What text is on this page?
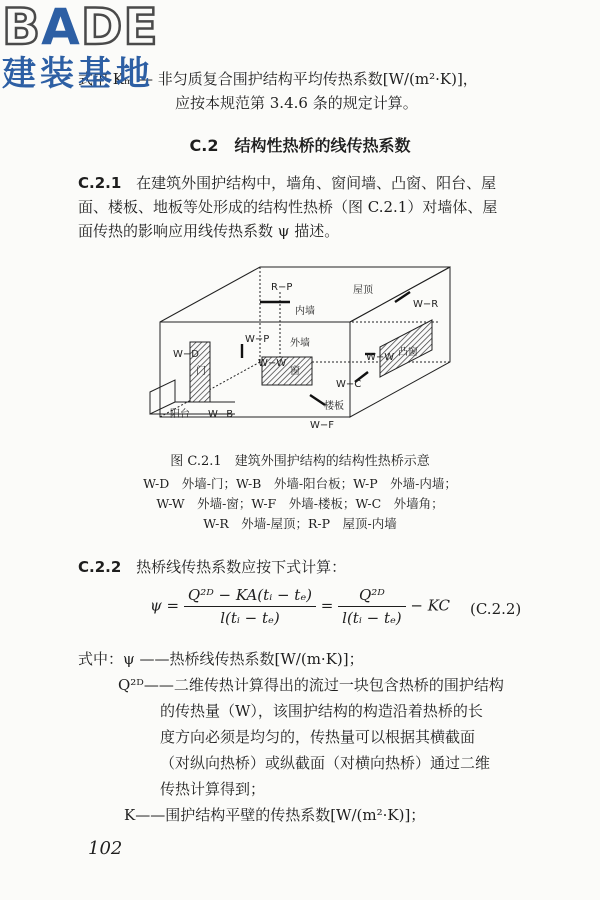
BADE
建装基地
式中 Kₘ — 非匀质复合围护结构平均传热系数[W/(m²·K)]，
应按本规范第 3.4.6 条的规定计算。
C.2　结构性热桥的线传热系数
C.2.1 在建筑外围护结构中，墙角、窗间墙、凸窗、阳台、屋
面、楼板、地板等处形成的结构性热桥（图 C.2.1）对墙体、屋
面传热的影响应用线传热系数 ψ 描述。
R−P	屋顶
W−R
内墙
W−P 外墙
W−D
门
W−W
窗
W−W 凸窗
W−C
楼板
阳台 W−B
W−F
图 C.2.1　建筑外围护结构的结构性热桥示意
W-D　外墙-门；W-B　外墙-阳台板；W-P　外墙-内墙；
W-W　外墙-窗；W-F　外墙-楼板；W-C　外墙角；
W-R　外墙-屋顶；R-P　屋顶-内墙
C.2.2 热桥线传热系数应按下式计算：
$\psi = \frac{\text{Q²ᴰ − KA(tᵢ − tₑ)}}{\text{l(tᵢ − tₑ)}} = \frac{\text{Q²ᴰ}}{\text{l(tᵢ − tₑ)}}$ − KC (C.2.2)
式中：ψ ——热桥线传热系数[W/(m·K)]；
Q²ᴰ——二维传热计算得出的流过一块包含热桥的围护结构
的传热量（W），该围护结构的构造沿着热桥的长
度方向必须是均匀的，传热量可以根据其横截面
（对纵向热桥）或纵截面（对横向热桥）通过二维
传热计算得到；
K——围护结构平壁的传热系数[W/(m²·K)]；
102
